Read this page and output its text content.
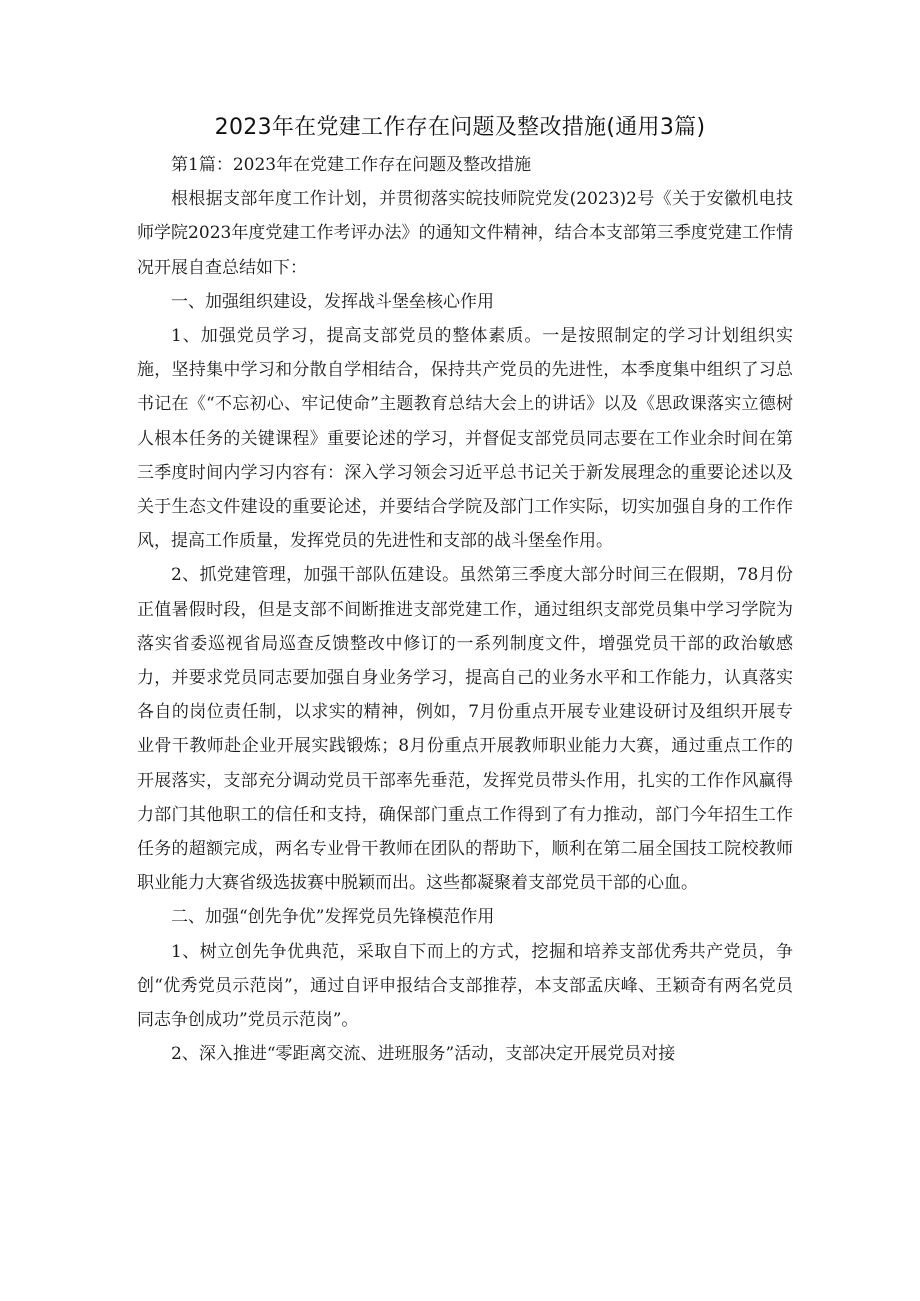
2023年在党建工作存在问题及整改措施(通用3篇)

第1篇：2023年在党建工作存在问题及整改措施

根根据支部年度工作计划，并贯彻落实皖技师院党发(2023)2号《关于安徽机电技师学院2023年度党建工作考评办法》的通知文件精神，结合本支部第三季度党建工作情况开展自查总结如下：

一、加强组织建设，发挥战斗堡垒核心作用

1、加强党员学习，提高支部党员的整体素质。一是按照制定的学习计划组织实施，坚持集中学习和分散自学相结合，保持共产党员的先进性，本季度集中组织了习总书记在《“不忘初心、牢记使命”主题教育总结大会上的讲话》以及《思政课落实立德树人根本任务的关键课程》重要论述的学习，并督促支部党员同志要在工作业余时间在第三季度时间内学习内容有：深入学习领会习近平总书记关于新发展理念的重要论述以及关于生态文件建设的重要论述，并要结合学院及部门工作实际，切实加强自身的工作作风，提高工作质量，发挥党员的先进性和支部的战斗堡垒作用。

2、抓党建管理，加强干部队伍建设。虽然第三季度大部分时间三在假期，78月份正值暑假时段，但是支部不间断推进支部党建工作，通过组织支部党员集中学习学院为落实省委巡视省局巡查反馈整改中修订的一系列制度文件，增强党员干部的政治敏感力，并要求党员同志要加强自身业务学习，提高自己的业务水平和工作能力，认真落实各自的岗位责任制，以求实的精神，例如，7月份重点开展专业建设研讨及组织开展专业骨干教师赴企业开展实践锻炼；8月份重点开展教师职业能力大赛，通过重点工作的开展落实，支部充分调动党员干部率先垂范，发挥党员带头作用，扎实的工作作风赢得力部门其他职工的信任和支持，确保部门重点工作得到了有力推动，部门今年招生工作任务的超额完成，两名专业骨干教师在团队的帮助下，顺利在第二届全国技工院校教师职业能力大赛省级选拔赛中脱颖而出。这些都凝聚着支部党员干部的心血。

二、加强“创先争优”发挥党员先锋模范作用

1、树立创先争优典范，采取自下而上的方式，挖掘和培养支部优秀共产党员，争创“优秀党员示范岗”，通过自评申报结合支部推荐，本支部孟庆峰、王颖奇有两名党员同志争创成功”党员示范岗”。

2、深入推进“零距离交流、进班服务”活动，支部决定开展党员对接
